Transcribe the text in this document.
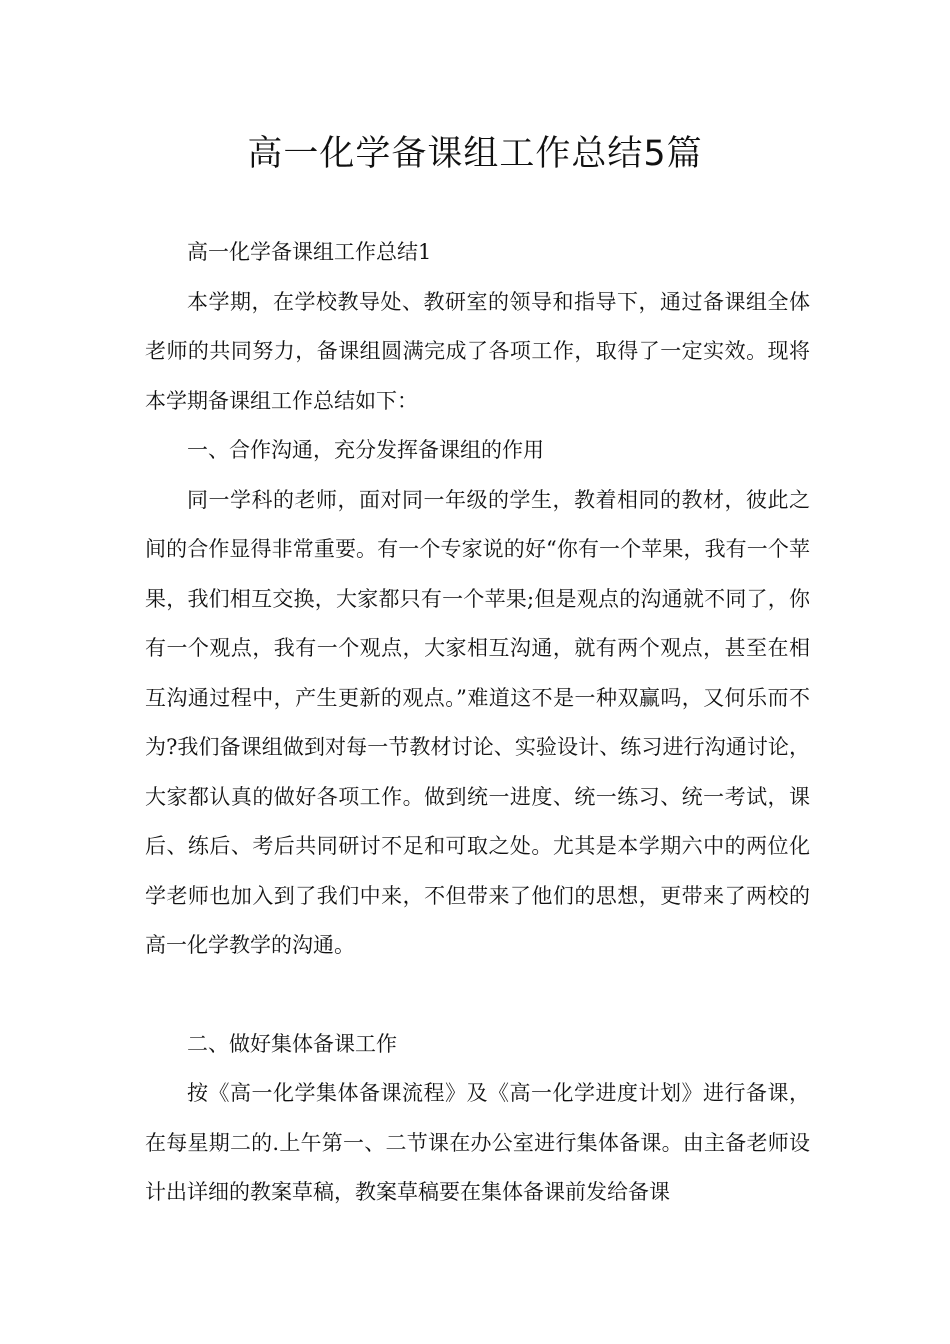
高一化学备课组工作总结5篇

高一化学备课组工作总结1

本学期，在学校教导处、教研室的领导和指导下，通过备课组全体老师的共同努力，备课组圆满完成了各项工作，取得了一定实效。现将本学期备课组工作总结如下：

一、合作沟通，充分发挥备课组的作用

同一学科的老师，面对同一年级的学生，教着相同的教材，彼此之间的合作显得非常重要。有一个专家说的好“你有一个苹果，我有一个苹果，我们相互交换，大家都只有一个苹果;但是观点的沟通就不同了，你有一个观点，我有一个观点，大家相互沟通，就有两个观点，甚至在相互沟通过程中，产生更新的观点。”难道这不是一种双赢吗，又何乐而不为?我们备课组做到对每一节教材讨论、实验设计、练习进行沟通讨论，大家都认真的做好各项工作。做到统一进度、统一练习、统一考试，课后、练后、考后共同研讨不足和可取之处。尤其是本学期六中的两位化学老师也加入到了我们中来，不但带来了他们的思想，更带来了两校的高一化学教学的沟通。

二、做好集体备课工作

按《高一化学集体备课流程》及《高一化学进度计划》进行备课，在每星期二的.上午第一、二节课在办公室进行集体备课。由主备老师设计出详细的教案草稿，教案草稿要在集体备课前发给备课
